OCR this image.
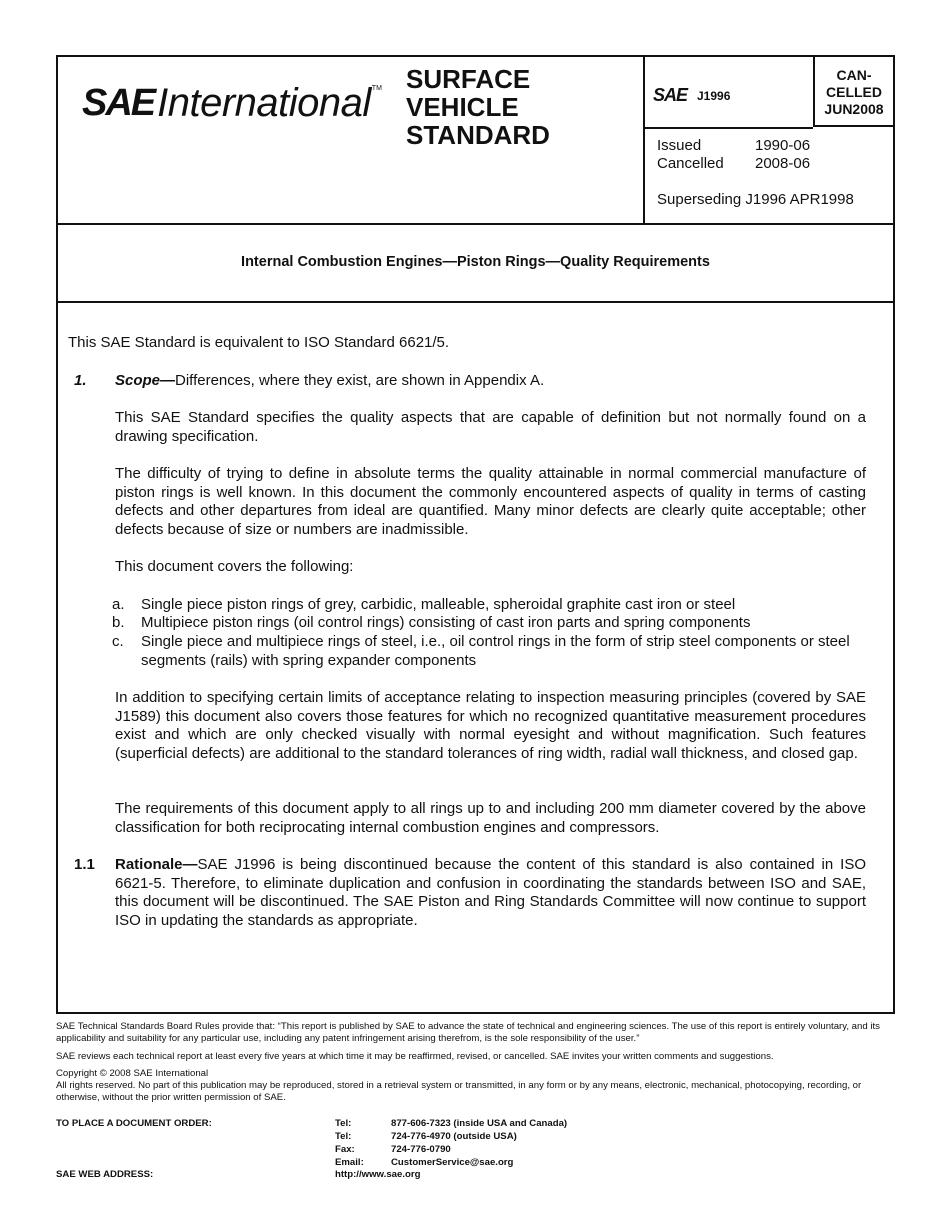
SAE International TM SURFACE
VEHICLE
STANDARD
SAE J1996
CAN-
CELLED
JUN2008
Issued	1990-06
Cancelled	2008-06
Superseding J1996 APR1998
Internal Combustion Engines—Piston Rings—Quality Requirements
This SAE Standard is equivalent to ISO Standard 6621/5.
1. Scope—Differences, where they exist, are shown in Appendix A.
This SAE Standard specifies the quality aspects that are capable of definition but not normally found on a drawing specification.
The difficulty of trying to define in absolute terms the quality attainable in normal commercial manufacture of piston rings is well known. In this document the commonly encountered aspects of quality in terms of casting defects and other departures from ideal are quantified. Many minor defects are clearly quite acceptable; other defects because of size or numbers are inadmissible.
This document covers the following:
a.	Single piece piston rings of grey, carbidic, malleable, spheroidal graphite cast iron or steel
b.	Multipiece piston rings (oil control rings) consisting of cast iron parts and spring components
c.	Single piece and multipiece rings of steel, i.e., oil control rings in the form of strip steel components or steel segments (rails) with spring expander components
In addition to specifying certain limits of acceptance relating to inspection measuring principles (covered by SAE J1589) this document also covers those features for which no recognized quantitative measurement procedures exist and which are only checked visually with normal eyesight and without magnification. Such features (superficial defects) are additional to the standard tolerances of ring width, radial wall thickness, and closed gap.
The requirements of this document apply to all rings up to and including 200 mm diameter covered by the above classification for both reciprocating internal combustion engines and compressors.
1.1 Rationale—SAE J1996 is being discontinued because the content of this standard is also contained in ISO 6621-5. Therefore, to eliminate duplication and confusion in coordinating the standards between ISO and SAE, this document will be discontinued. The SAE Piston and Ring Standards Committee will now continue to support ISO in updating the standards as appropriate.

SAE Technical Standards Board Rules provide that: “This report is published by SAE to advance the state of technical and engineering sciences. The use of this report is entirely voluntary, and its applicability and suitability for any particular use, including any patent infringement arising therefrom, is the sole responsibility of the user.”

SAE reviews each technical report at least every five years at which time it may be reaffirmed, revised, or cancelled. SAE invites your written comments and suggestions.

Copyright © 2008 SAE International
All rights reserved. No part of this publication may be reproduced, stored in a retrieval system or transmitted, in any form or by any means, electronic, mechanical, photocopying, recording, or otherwise, without the prior written permission of SAE.
TO PLACE A DOCUMENT ORDER:	Tel:	877-606-7323 (inside USA and Canada)
Tel:	724-776-4970 (outside USA)
Fax:	724-776-0790
Email:	CustomerService@sae.org
SAE WEB ADDRESS:	http://www.sae.org
